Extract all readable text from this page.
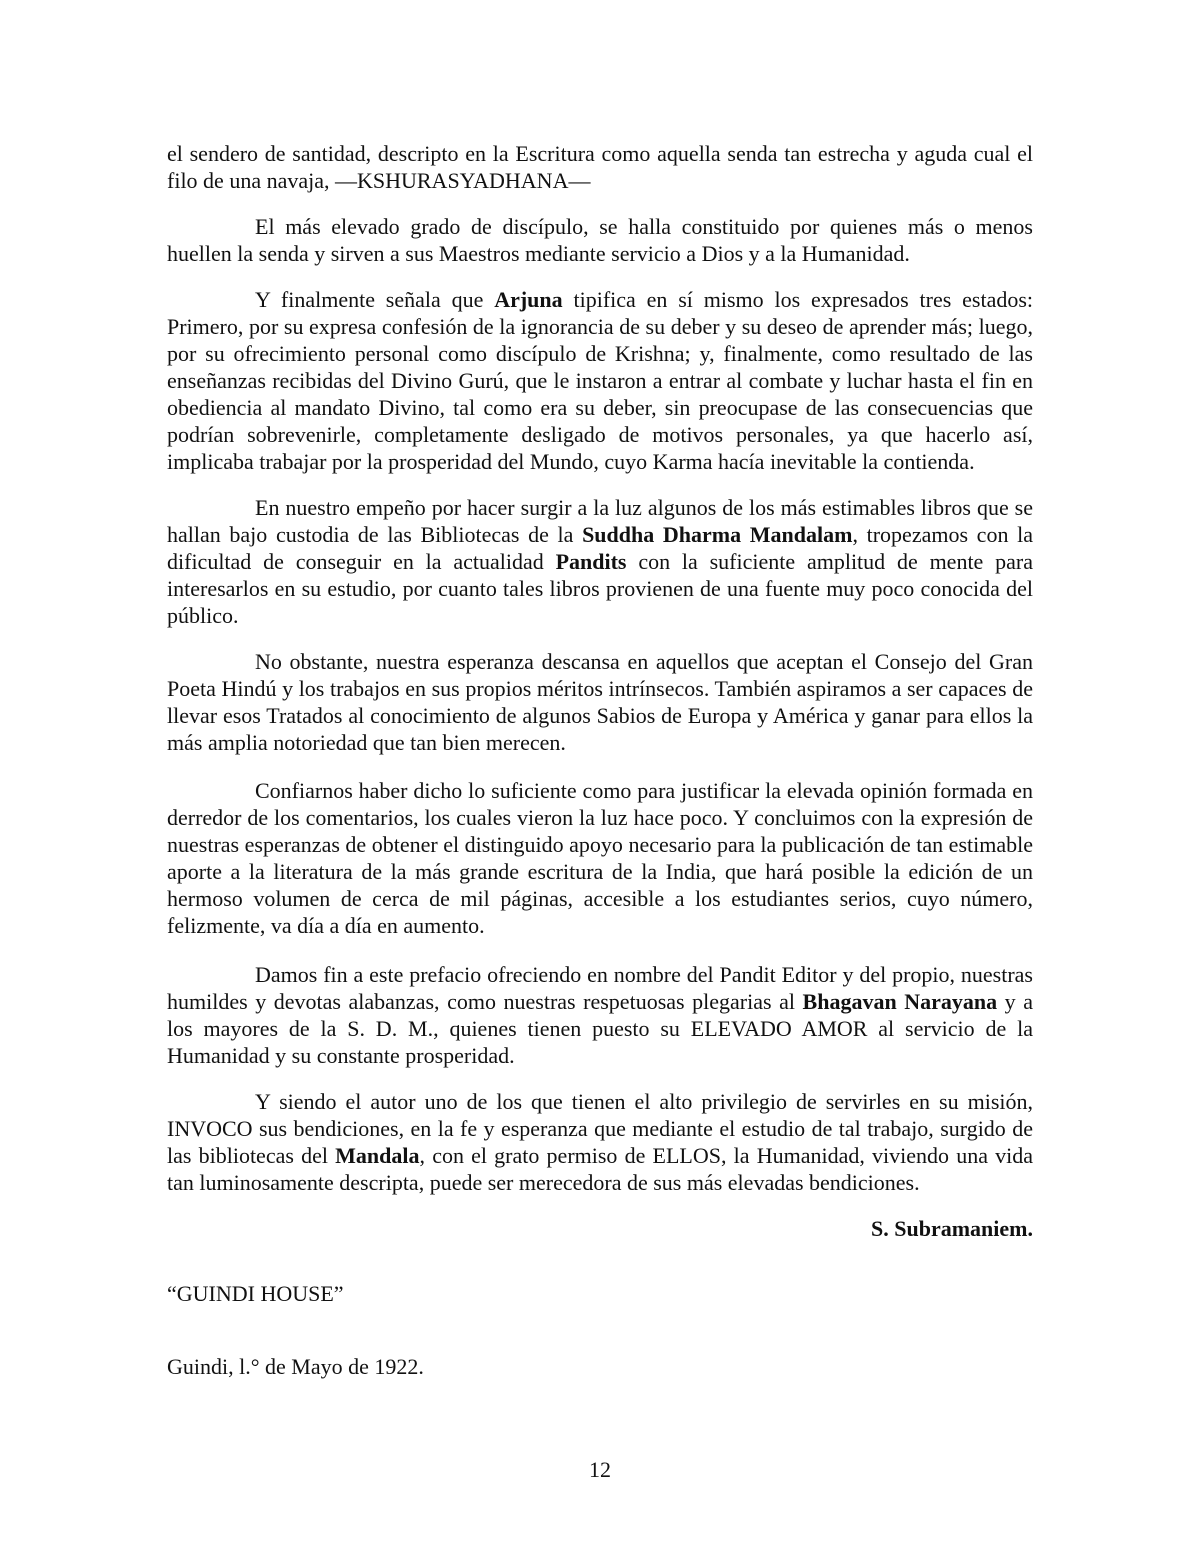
el sendero de santidad, descripto en la Escritura como aquella senda tan estrecha y aguda cual el filo de una navaja, —KSHURASYADHANA—

El más elevado grado de discípulo, se halla constituido por quienes más o menos huellen la senda y sirven a sus Maestros mediante servicio a Dios y a la Humanidad.

Y finalmente señala que Arjuna tipifica en sí mismo los expresados tres estados: Primero, por su expresa confesión de la ignorancia de su deber y su deseo de aprender más; luego, por su ofrecimiento personal como discípulo de Krishna; y, finalmente, como resultado de las enseñanzas recibidas del Divino Gurú, que le instaron a entrar al combate y luchar hasta el fin en obediencia al mandato Divino, tal como era su deber, sin preocupase de las consecuencias que podrían sobrevenirle, completamente desligado de motivos personales, ya que hacerlo así, implicaba trabajar por la prosperidad del Mundo, cuyo Karma hacía inevitable la contienda.

En nuestro empeño por hacer surgir a la luz algunos de los más estimables libros que se hallan bajo custodia de las Bibliotecas de la Suddha Dharma Mandalam, tropezamos con la dificultad de conseguir en la actualidad Pandits con la suficiente amplitud de mente para interesarlos en su estudio, por cuanto tales libros provienen de una fuente muy poco conocida del público.

No obstante, nuestra esperanza descansa en aquellos que aceptan el Consejo del Gran Poeta Hindú y los trabajos en sus propios méritos intrínsecos. También aspiramos a ser capaces de llevar esos Tratados al conocimiento de algunos Sabios de Europa y América y ganar para ellos la más amplia notoriedad que tan bien merecen.

Confiarnos haber dicho lo suficiente como para justificar la elevada opinión formada en derredor de los comentarios, los cuales vieron la luz hace poco. Y concluimos con la expresión de nuestras esperanzas de obtener el distinguido apoyo necesario para la publicación de tan estimable aporte a la literatura de la más grande escritura de la India, que hará posible la edición de un hermoso volumen de cerca de mil páginas, accesible a los estudiantes serios, cuyo número, felizmente, va día a día en aumento.

Damos fin a este prefacio ofreciendo en nombre del Pandit Editor y del propio, nuestras humildes y devotas alabanzas, como nuestras respetuosas plegarias al Bhagavan Narayana y a los mayores de la S. D. M., quienes tienen puesto su ELEVADO AMOR al servicio de la Humanidad y su constante prosperidad.

Y siendo el autor uno de los que tienen el alto privilegio de servirles en su misión, INVOCO sus bendiciones, en la fe y esperanza que mediante el estudio de tal trabajo, surgido de las bibliotecas del Mandala, con el grato permiso de ELLOS, la Humanidad, viviendo una vida tan luminosamente descripta, puede ser merecedora de sus más elevadas bendiciones.

S. Subramaniem.

“GUINDI HOUSE”

Guindi, l.° de Mayo de 1922.

12
